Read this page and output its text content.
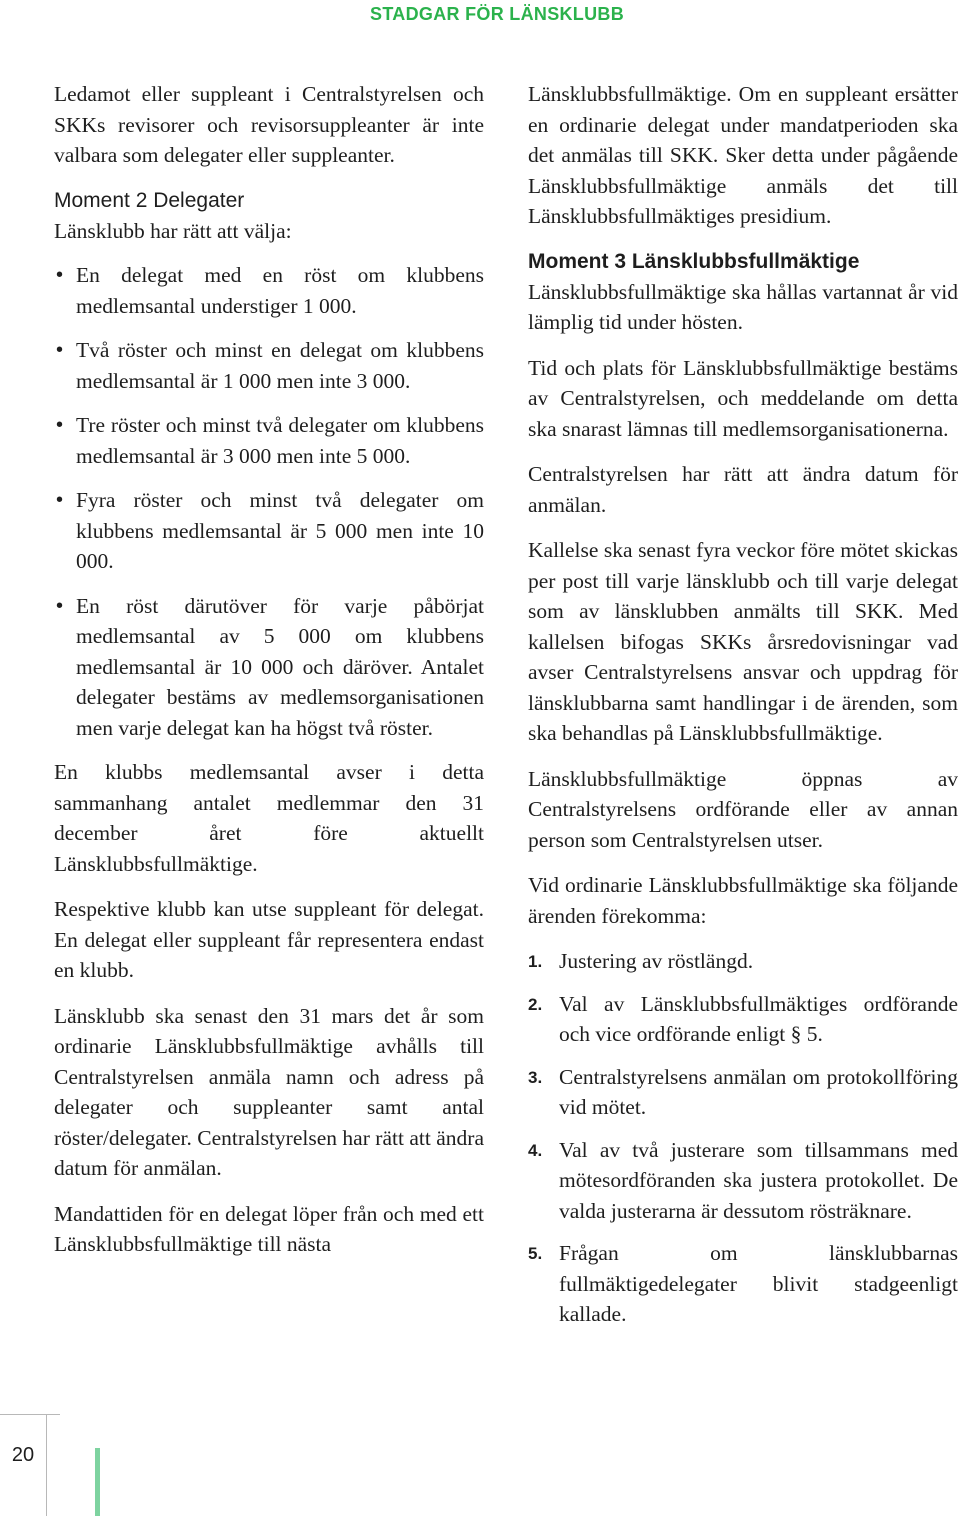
STADGAR FÖR LÄNSKLUBB

Ledamot eller suppleant i Centralstyrelsen och SKKs revisorer och revisorsuppleanter är inte valbara som delegater eller suppleanter.

Moment 2 Delegater

Länsklubb har rätt att välja:

• En delegat med en röst om klubbens medlemsantal understiger 1 000.
• Två röster och minst en delegat om klubbens medlemsantal är 1 000 men inte 3 000.
• Tre röster och minst två delegater om klubbens medlemsantal är 3 000 men inte 5 000.
• Fyra röster och minst två delegater om klubbens medlemsantal är 5 000 men inte 10 000.
• En röst därutöver för varje påbörjat medlemsantal av 5 000 om klubbens medlemsantal är 10 000 och däröver. Antalet delegater bestäms av medlemsorganisationen men varje delegat kan ha högst två röster.

En klubbs medlemsantal avser i detta sammanhang antalet medlemmar den 31 december året före aktuellt Länsklubbsfullmäktige.

Respektive klubb kan utse suppleant för delegat. En delegat eller suppleant får representera endast en klubb.

Länsklubb ska senast den 31 mars det år som ordinarie Länsklubbsfullmäktige avhålls till Centralstyrelsen anmäla namn och adress på delegater och suppleanter samt antal röster/delegater. Centralstyrelsen har rätt att ändra datum för anmälan.

Mandattiden för en delegat löper från och med ett Länsklubbsfullmäktige till nästa

Länsklubbsfullmäktige. Om en suppleant ersätter en ordinarie delegat under mandatperioden ska det anmälas till SKK. Sker detta under pågående Länsklubbsfullmäktige anmäls det till Länsklubbsfullmäktiges presidium.

Moment 3 Länsklubbsfullmäktige

Länsklubbsfullmäktige ska hållas vartannat år vid lämplig tid under hösten.

Tid och plats för Länsklubbsfullmäktige bestäms av Centralstyrelsen, och meddelande om detta ska snarast lämnas till medlemsorganisationerna.

Centralstyrelsen har rätt att ändra datum för anmälan.

Kallelse ska senast fyra veckor före mötet skickas per post till varje länsklubb och till varje delegat som av länsklubben anmälts till SKK. Med kallelsen bifogas SKKs årsredovisningar vad avser Centralstyrelsens ansvar och uppdrag för länsklubbarna samt handlingar i de ärenden, som ska behandlas på Länsklubbsfullmäktige.

Länsklubbsfullmäktige öppnas av Centralstyrelsens ordförande eller av annan person som Centralstyrelsen utser.

Vid ordinarie Länsklubbsfullmäktige ska följande ärenden förekomma:

1. Justering av röstlängd.
2. Val av Länsklubbsfullmäktiges ordförande och vice ordförande enligt § 5.
3. Centralstyrelsens anmälan om protokollföring vid mötet.
4. Val av två justerare som tillsammans med mötesordföranden ska justera protokollet. De valda justerarna är dessutom rösträknare.
5. Frågan om länsklubbarnas fullmäktigedelegater blivit stadgeenligt kallade.
20
